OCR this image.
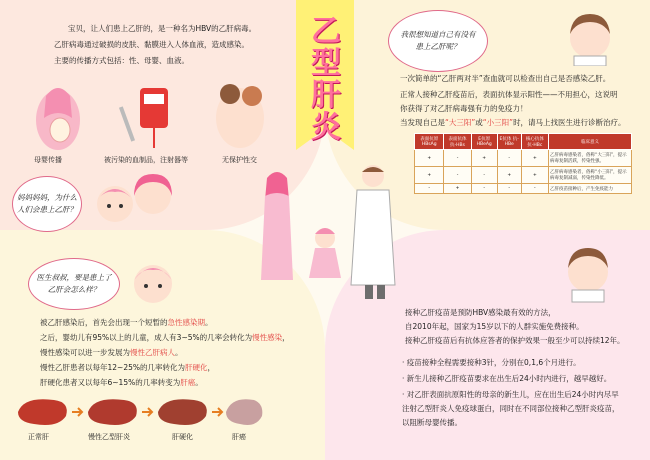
乙
型
肝
炎
宝贝，让人们患上乙肝的，是一种名为HBV的乙肝病毒。
乙肝病毒通过破损的皮肤、黏膜进入人体血液，造成感染。
主要的传播方式包括：性、母婴、血液。
母婴传播	被污染的血制品，注射器等	无保护性交
妈妈妈妈，为什么人们会患上乙肝？
我很想知道自己有没有患上乙肝呢？
一次简单的“乙肝两对半”查血就可以检查出自己是否感染乙肝。
正常人接种乙肝疫苗后，表面抗体显示阳性——不用担心，这说明
你获得了对乙肝病毒强有力的免疫力！
当发现自己是“大三阳”或“小三阳”时，请马上找医生进行诊断治疗。
表面抗原 HBsAg	表面抗体 抗-HBs	E抗原 HBeAg	E抗体 抗-HBe	核心抗体 抗-HBc	临床意义
+	-	+	-	+	乙肝病毒感染者，俗称“大三阳”，提示病毒复制活跃，传染性强。
+	-	-	+	+	乙肝病毒感染者，俗称“小三阳”，提示病毒复制减弱，传染性降低。
-	+	-	-	-	乙肝疫苗接种后，产生免疫能力
医生叔叔，要是患上了乙肝会怎么样？
被乙肝感染后，首先会出现一个短暂的急性感染期。
之后，婴幼儿有95%以上的儿童，成人有3~5%的几率会转化为慢性感染，
慢性感染可以进一步发展为慢性乙肝病人。
慢性乙肝患者以每年12~25%的几率转化为肝硬化，
肝硬化患者又以每年6~15%的几率转变为肝癌。
正常肝	慢性乙型肝炎	肝硬化	肝癌
接种乙肝疫苗是预防HBV感染最有效的方法，
自2010年起，国家为15岁以下的人群实施免费接种。
接种乙肝疫苗后有抗体应答者的保护效果一般至少可以持续12年。
· 疫苗接种全程需要接种3针，分别在0,1,6个月进行。
· 新生儿接种乙肝疫苗要求在出生后24小时内进行，越早越好。
· 对乙肝表面抗原阳性的母亲的新生儿，应在出生后24小时内尽早
注射乙型肝炎人免疫球蛋白，同时在不同部位接种乙型肝炎疫苗，
以阻断母婴传播。
